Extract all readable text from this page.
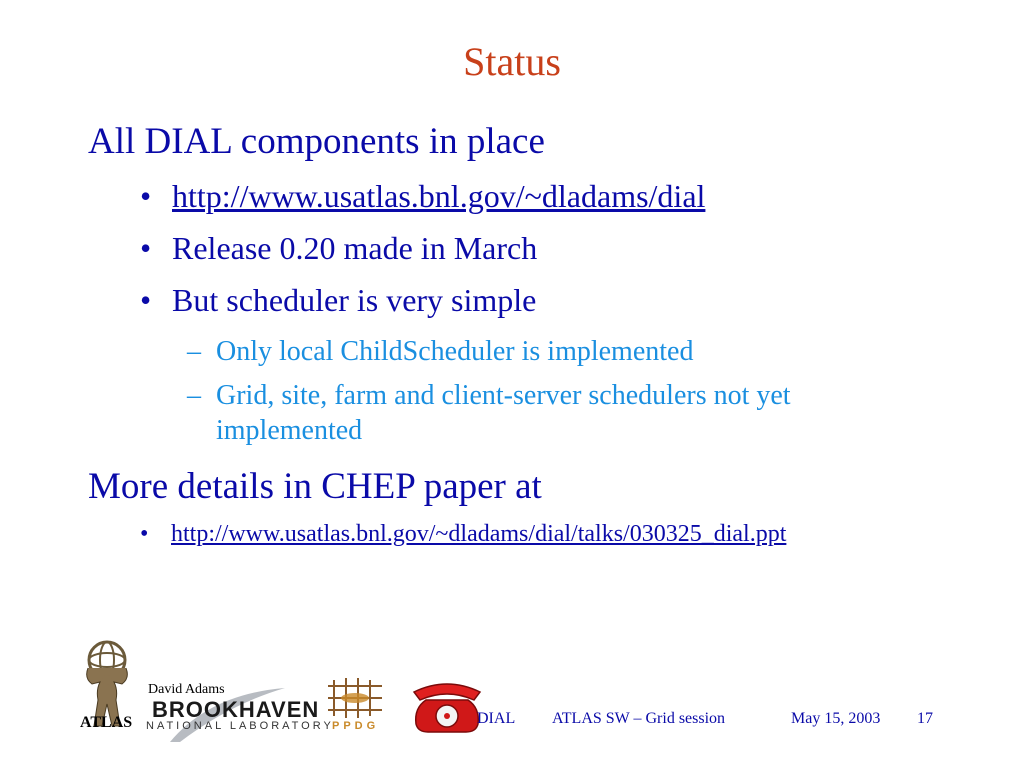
Status
All DIAL components in place
• http://www.usatlas.bnl.gov/~dladams/dial
• Release 0.20 made in March
• But scheduler is very simple
– Only local ChildScheduler is implemented
– Grid, site, farm and client-server schedulers not yet implemented
More details in CHEP paper at
• http://www.usatlas.bnl.gov/~dladams/dial/talks/030325_dial.ppt
ATLAS
David Adams
BROOKHAVEN
NATIONAL LABORATORY
PPDG	DIAL ATLAS SW – Grid session	May 15, 2003 17
